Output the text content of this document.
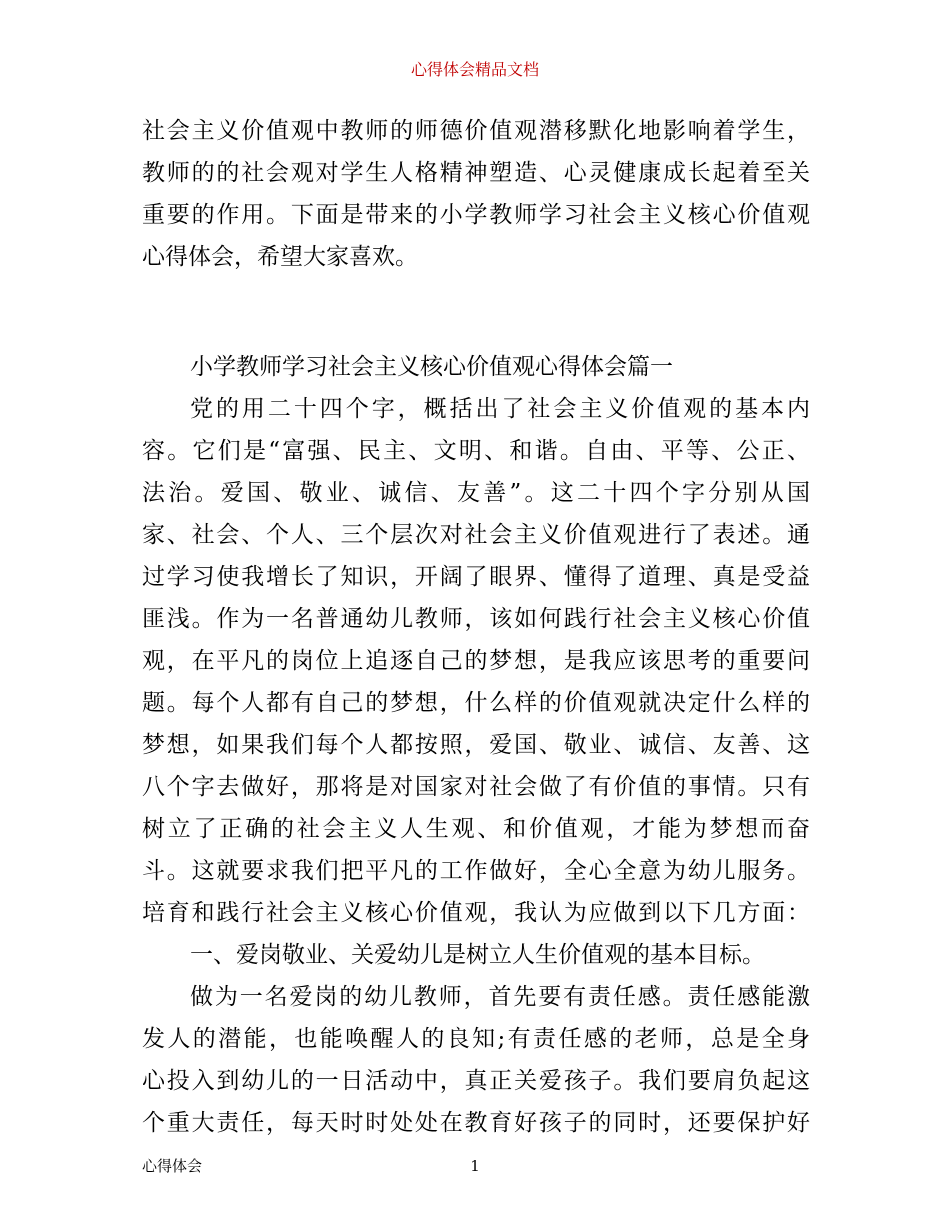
心得体会精品文档
社会主义价值观中教师的师德价值观潜移默化地影响着学生，
教师的的社会观对学生人格精神塑造、心灵健康成长起着至关
重要的作用。下面是带来的小学教师学习社会主义核心价值观
心得体会，希望大家喜欢。
小学教师学习社会主义核心价值观心得体会篇一
党的用二十四个字，概括出了社会主义价值观的基本内
容。它们是“富强、民主、文明、和谐。自由、平等、公正、
法治。爱国、敬业、诚信、友善”。这二十四个字分别从国
家、社会、个人、三个层次对社会主义价值观进行了表述。通
过学习使我增长了知识，开阔了眼界、懂得了道理、真是受益
匪浅。作为一名普通幼儿教师，该如何践行社会主义核心价值
观，在平凡的岗位上追逐自己的梦想，是我应该思考的重要问
题。每个人都有自己的梦想，什么样的价值观就决定什么样的
梦想，如果我们每个人都按照，爱国、敬业、诚信、友善、这
八个字去做好，那将是对国家对社会做了有价值的事情。只有
树立了正确的社会主义人生观、和价值观，才能为梦想而奋
斗。这就要求我们把平凡的工作做好，全心全意为幼儿服务。
培育和践行社会主义核心价值观，我认为应做到以下几方面：
一、爱岗敬业、关爱幼儿是树立人生价值观的基本目标。
做为一名爱岗的幼儿教师，首先要有责任感。责任感能激
发人的潜能，也能唤醒人的良知;有责任感的老师，总是全身
心投入到幼儿的一日活动中，真正关爱孩子。我们要肩负起这
个重大责任，每天时时处处在教育好孩子的同时，还要保护好
心得体会	1
